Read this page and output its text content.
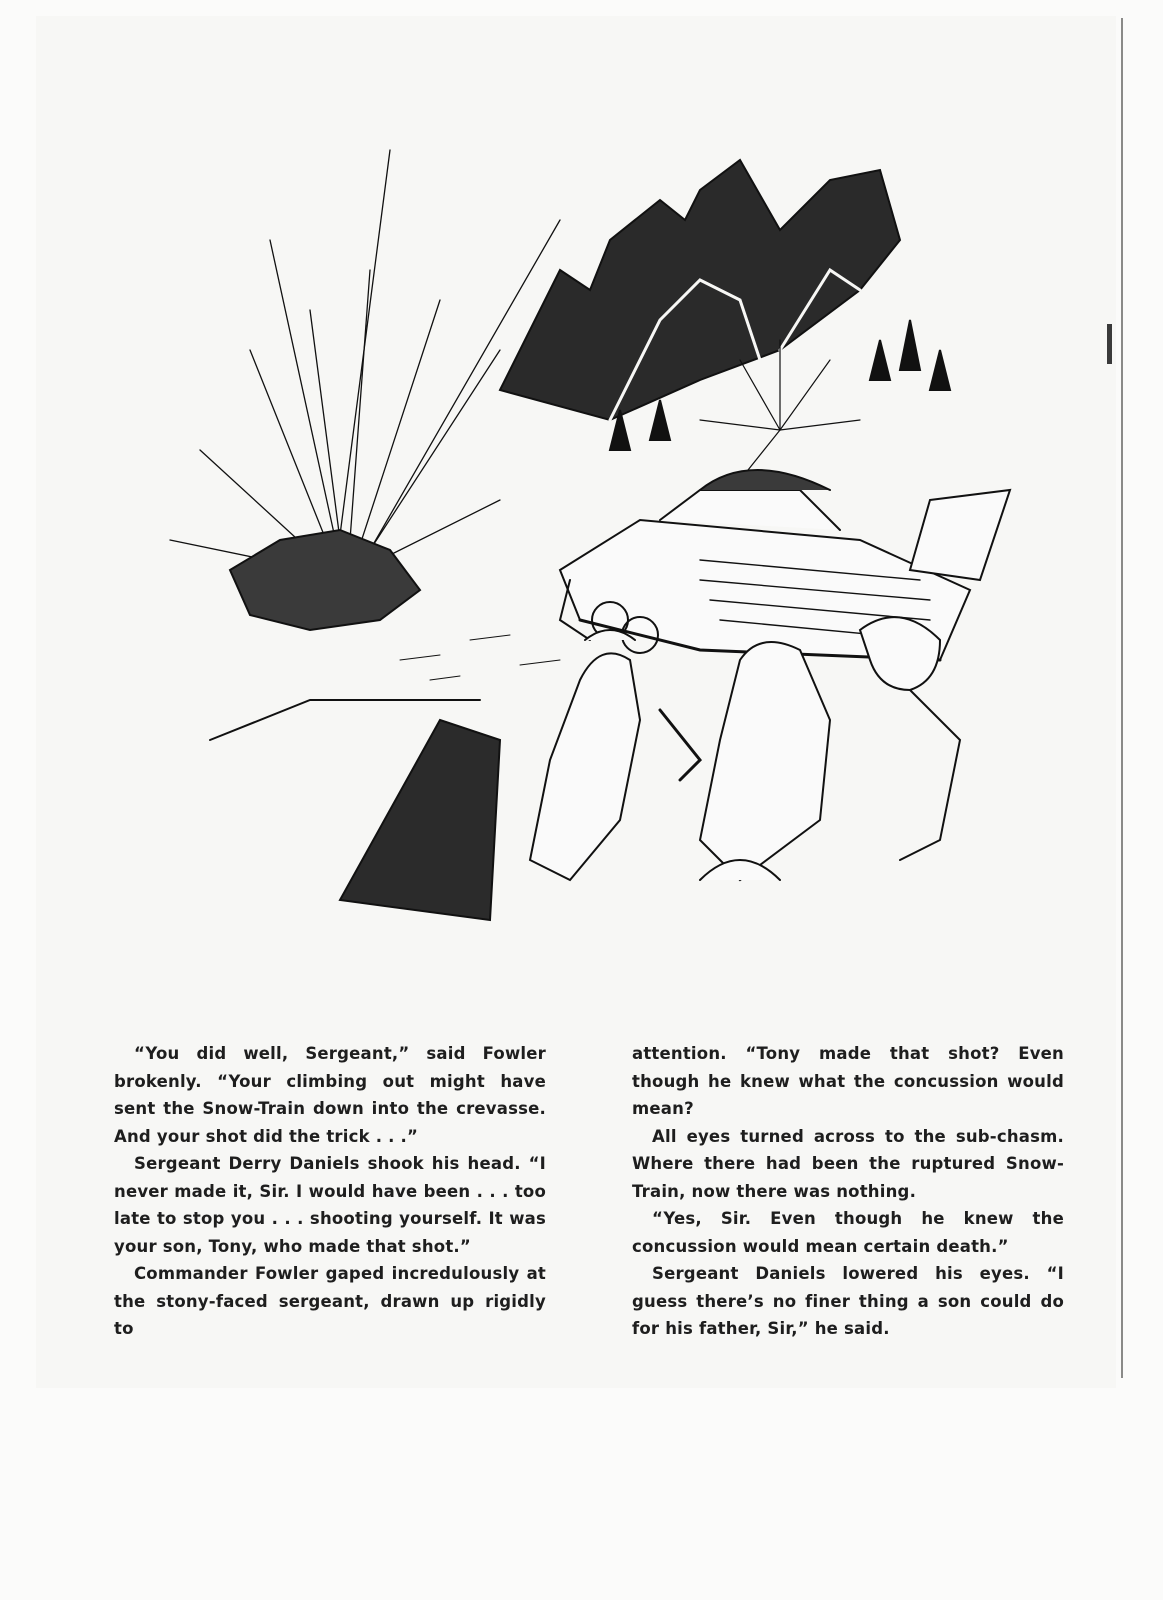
“You did well, Sergeant,” said Fowler brokenly. “Your climbing out might have sent the Snow-Train down into the crevasse. And your shot did the trick . . .”

Sergeant Derry Daniels shook his head. “I never made it, Sir. I would have been . . . too late to stop you . . . shooting yourself. It was your son, Tony, who made that shot.”

Commander Fowler gaped incredulously at the stony-faced sergeant, drawn up rigidly to

attention. “Tony made that shot? Even though he knew what the concussion would mean?

All eyes turned across to the sub-chasm. Where there had been the ruptured Snow-Train, now there was nothing.

“Yes, Sir. Even though he knew the concussion would mean certain death.”

Sergeant Daniels lowered his eyes. “I guess there’s no finer thing a son could do for his father, Sir,” he said.
